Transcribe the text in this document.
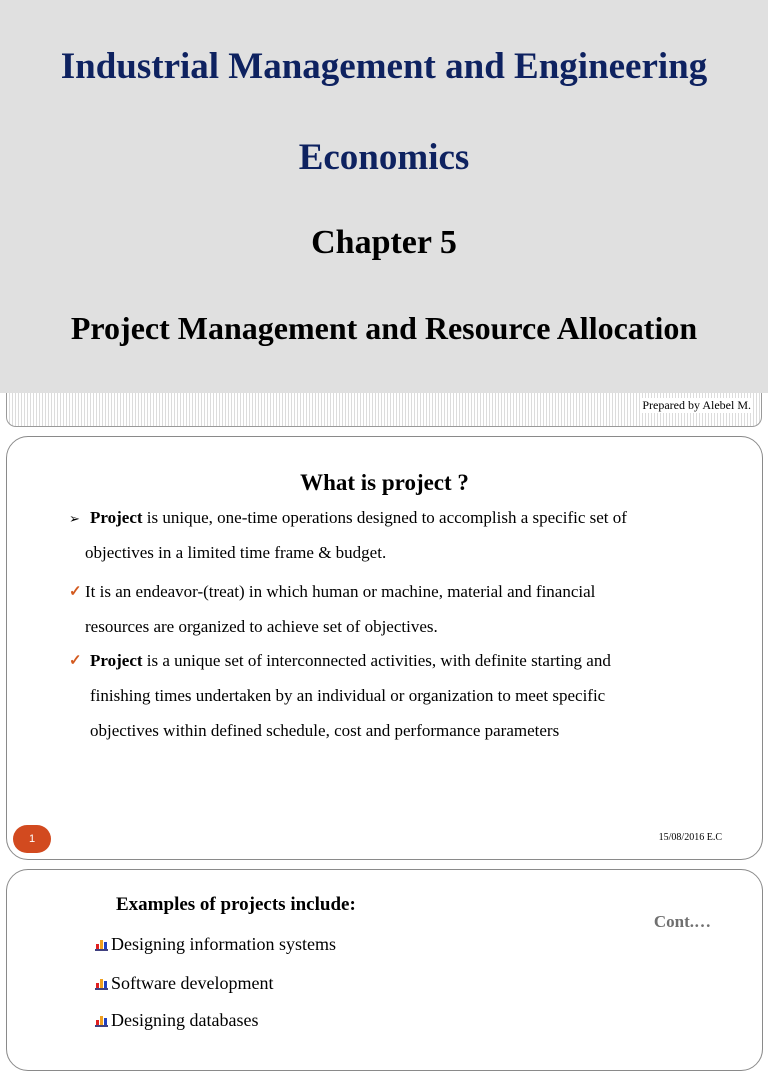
Industrial Management and Engineering
Economics
Chapter 5
Project Management and Resource Allocation
Prepared by Alebel M.
What is project ?
➢ Project is unique, one-time operations designed to accomplish a specific set of
objectives in a limited time frame & budget.
✓ It is an endeavor-(treat) in which human or machine, material and financial
resources are organized to achieve set of objectives.
✓ Project is a unique set of interconnected activities, with definite starting and
finishing times undertaken by an individual or organization to meet specific
objectives within defined schedule, cost and performance parameters
1	15/08/2016 E.C
Examples of projects include:
Cont.…
Designing information systems
Software development
Designing databases
